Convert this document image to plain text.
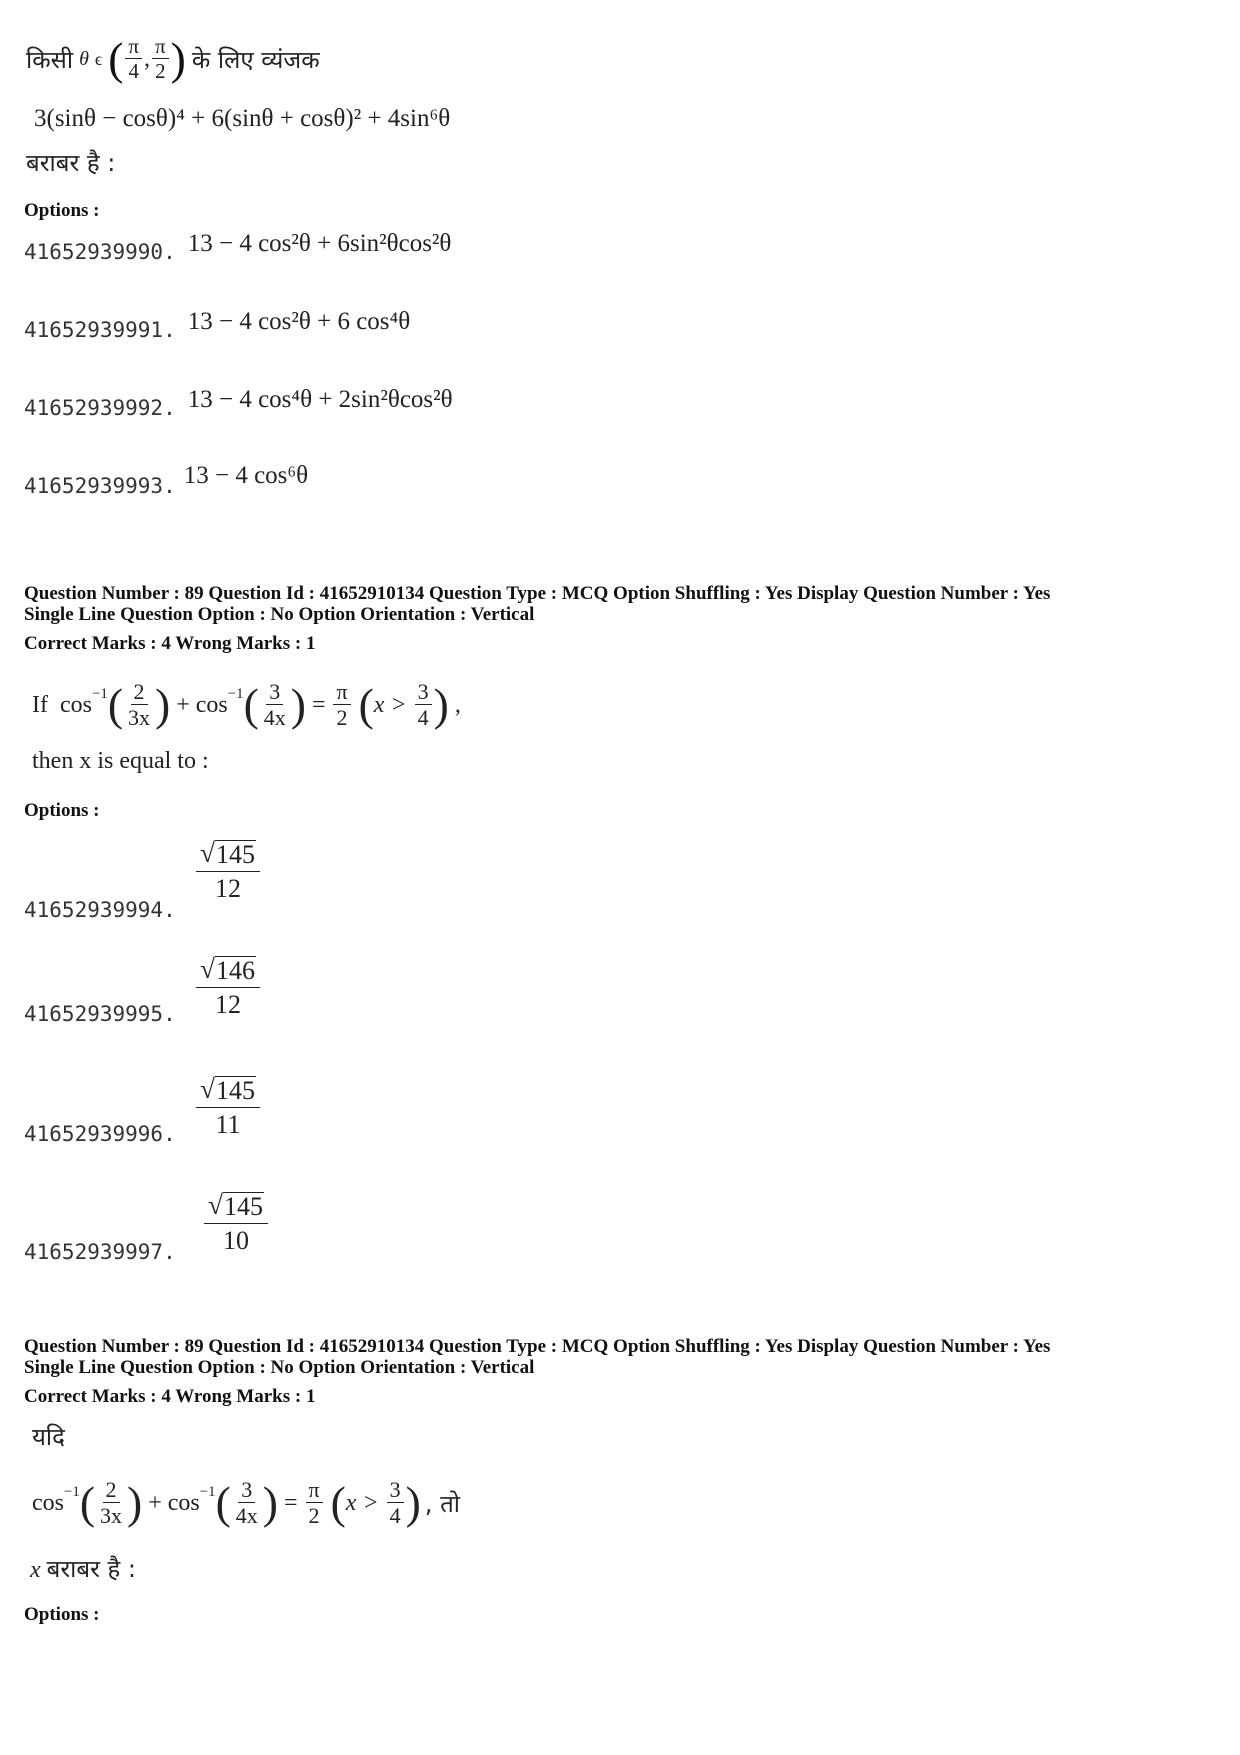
किसी
θ
ϵ
( $\frac{\pi}{4}$ , $\frac{\pi}{2}$ )
के लिए व्यंजक
3(sinθ − cosθ)⁴ + 6(sinθ + cosθ)² + 4sin⁶θ
बराबर है :
Options :
41652939990. 13 − 4 cos²θ + 6sin²θcos²θ
41652939991. 13 − 4 cos²θ + 6 cos⁴θ
41652939992. 13 − 4 cos⁴θ + 2sin²θcos²θ
41652939993. 13 − 4 cos⁶θ
Question Number : 89 Question Id : 41652910134 Question Type : MCQ Option Shuffling : Yes Display Question Number : Yes
Single Line Question Option : No Option Orientation : Vertical
Correct Marks : 4 Wrong Marks : 1
If
$\cos^{-1}$ ( $\frac{2}{3x}$ )
+
$\cos^{-1}$ ( $\frac{3}{4x}$ )
=
$\frac{\pi}{2}$
( x >
$\frac{3}{4}$ )
,
then x is equal to :
Options :
41652939994.
$\frac{√ 145}{12}$
41652939995. $\frac{√ 146}{12}$
41652939996. $\frac{√ 145}{11}$
41652939997. $\frac{√ 145}{10}$
Question Number : 89 Question Id : 41652910134 Question Type : MCQ Option Shuffling : Yes Display Question Number : Yes
Single Line Question Option : No Option Orientation : Vertical
Correct Marks : 4 Wrong Marks : 1
यदि
$\cos^{-1}$ ( $\frac{2}{3x}$ )
+
$\cos^{-1}$ ( $\frac{3}{4x}$ )
=
$\frac{\pi}{2}$
( x >
$\frac{3}{4}$ ) , तो
x बराबर है :
Options :
